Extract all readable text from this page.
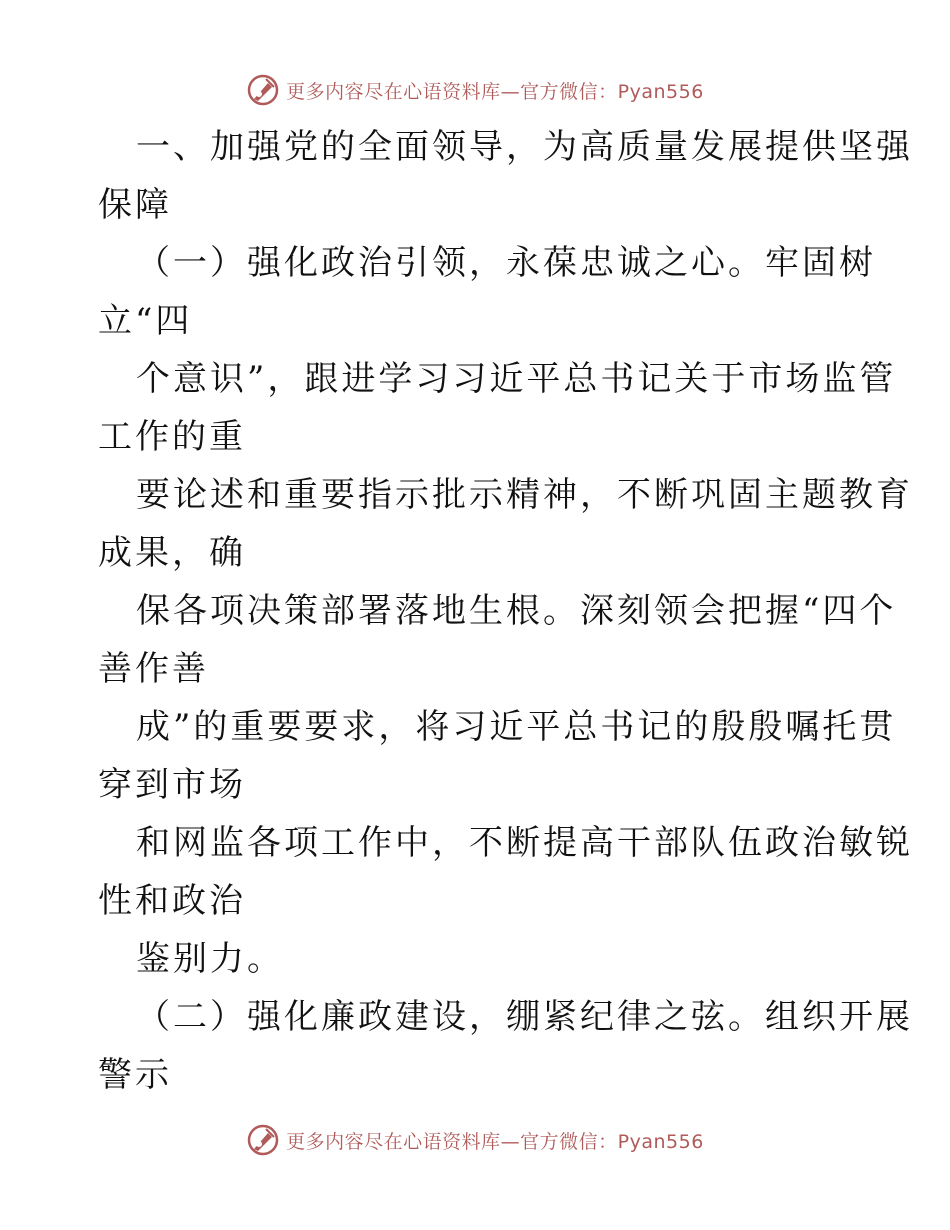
更多内容尽在心语资料库—官方微信：Pyan556
一、加强党的全面领导，为高质量发展提供坚强
保障
（一）强化政治引领，永葆忠诚之心。牢固树
立“四
个意识”，跟进学习习近平总书记关于市场监管
工作的重
要论述和重要指示批示精神，不断巩固主题教育
成果，确
保各项决策部署落地生根。深刻领会把握“四个
善作善
成”的重要要求，将习近平总书记的殷殷嘱托贯
穿到市场
和网监各项工作中，不断提高干部队伍政治敏锐
性和政治
鉴别力。
（二）强化廉政建设，绷紧纪律之弦。组织开展
警示
更多内容尽在心语资料库—官方微信：Pyan556
